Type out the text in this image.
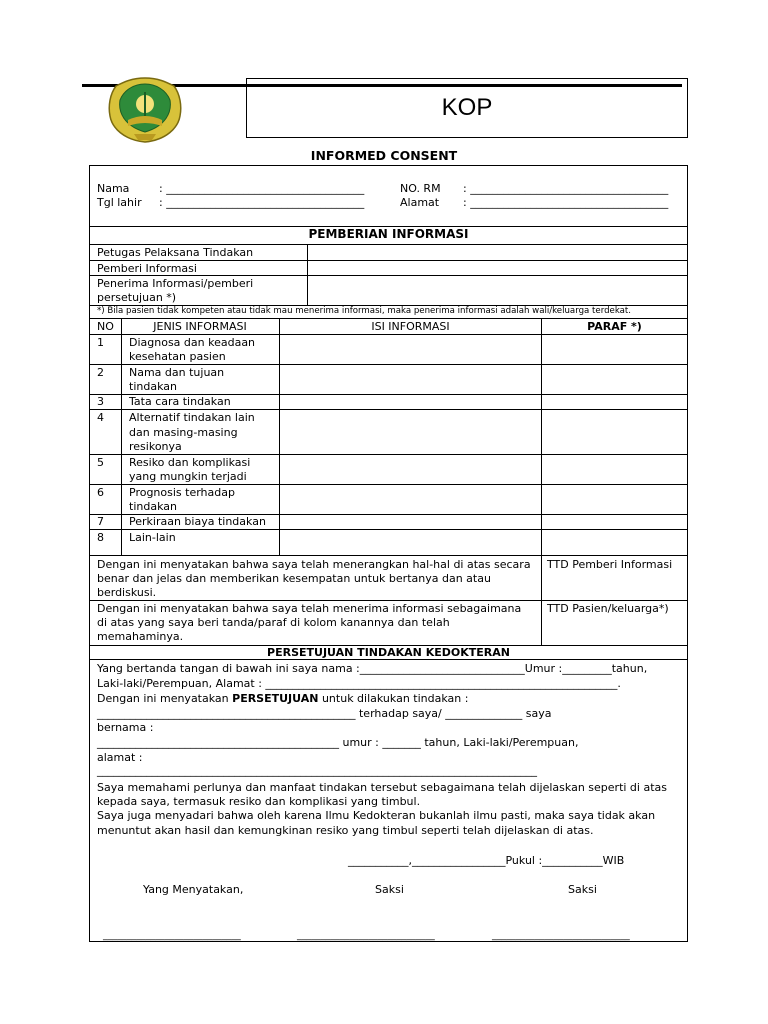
KOP
INFORMED CONSENT
Nama	: ____________________________________
Tgl lahir : ____________________________________
NO. RM : ____________________________________
Alamat : ____________________________________
PEMBERIAN INFORMASI
Petugas Pelaksana Tindakan
Pemberi Informasi
Penerima Informasi/pemberi
persetujuan *)
*) Bila pasien tidak kompeten atau tidak mau menerima informasi, maka penerima informasi adalah wali/keluarga terdekat.
NO	JENIS INFORMASI	ISI INFORMASI	PARAF *)
1 Diagnosa dan keadaan
kesehatan pasien
2 Nama dan tujuan
tindakan
3 Tata cara tindakan
4 Alternatif tindakan lain
dan masing-masing
resikonya
5 Resiko dan komplikasi
yang mungkin terjadi
6 Prognosis terhadap
tindakan
7 Perkiraan biaya tindakan
8 Lain-lain
Dengan ini menyatakan bahwa saya telah menerangkan hal-hal di atas secara
benar dan jelas dan memberikan kesempatan untuk bertanya dan atau
berdiskusi.
TTD Pemberi Informasi
Dengan ini menyatakan bahwa saya telah menerima informasi sebagaimana
di atas yang saya beri tanda/paraf di kolom kanannya dan telah
memahaminya.
TTD Pasien/keluarga*)
PERSETUJUAN TINDAKAN KEDOKTERAN
Yang bertanda tangan di bawah ini saya nama :______________________________Umur :_________tahun,
Laki-laki/Perempuan, Alamat : ________________________________________________________________.
Dengan ini menyatakan PERSETUJUAN untuk dilakukan tindakan :
_______________________________________________ terhadap saya/ ______________ saya
bernama :
____________________________________________ umur : _______ tahun, Laki-laki/Perempuan,
alamat :
________________________________________________________________________________
Saya memahami perlunya dan manfaat tindakan tersebut sebagaimana telah dijelaskan seperti di atas
kepada saya, termasuk resiko dan komplikasi yang timbul.
Saya juga menyadari bahwa oleh karena Ilmu Kedokteran bukanlah ilmu pasti, maka saya tidak akan
menuntut akan hasil dan kemungkinan resiko yang timbul seperti telah dijelaskan di atas.
___________,_________________Pukul :___________WIB
Yang Menyatakan,	Saksi	Saksi
_____________________________	_____________________________	_____________________________
